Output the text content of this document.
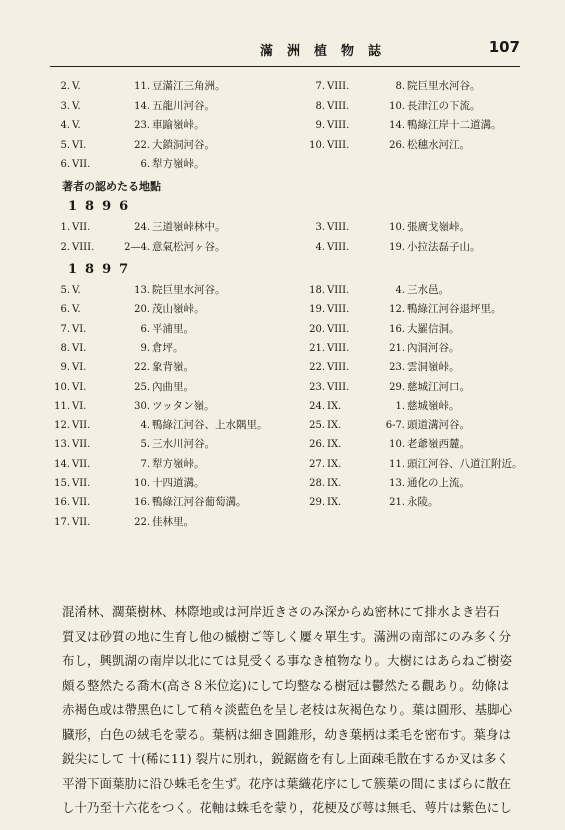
滿洲植物誌	107
2. V.	11. 豆滿江三角洲。
3. V.	14. 五龍川河谷。
4. V.	23. 車踰嶺峠。
5. VI.	22. 大鎖洞河谷。
6. VII.	6. 犁方嶺峠。
7. VIII.	8. 院巨里水河谷。
8. VIII.	10. 長津江の下流。
9. VIII.	14. 鴨綠江岸十二道溝。
10. VIII.	26. 松穗水河江。
著者の認めたる地點
1896
1. VII.	24. 三道嶺峠林中。
2. VIII.	2—4. 意氣松河ヶ谷。
3. VIII.	10. 張廣戈嶺峠。
4. VIII.	19. 小拉法磊子山。
1897
5. V.	13. 院巨里水河谷。
6. V.	20. 茂山嶺峠。
7. VI.	6. 平浦里。
8. VI.	9. 倉坪。
9. VI.	22. 象背嶺。
10. VI.	25. 內曲里。
11. VI.	30. ツッタン嶺。
12. VII.	4. 鴨綠江河谷、上水隅里。
13. VII.	5. 三水川河谷。
14. VII.	7. 犁方嶺峠。
15. VII.	10. 十四道溝。
16. VII.	16. 鴨綠江河谷葡萄溝。
17. VII.	22. 佳林里。
18. VIII.	4. 三水邑。
19. VIII.	12. 鴨綠江河谷退坪里。
20. VIII.	16. 大羅信洞。
21. VIII.	21. 內洞河谷。
22. VIII.	23. 雲洞嶺峠。
23. VIII.	29. 慈城江河口。
24. IX.	1. 慈城嶺峠。
25. IX.	6-7. 頭道溝河谷。
26. IX.	10. 老爺嶺西麓。
27. IX.	11. 頭江河谷、八道江附近。
28. IX.	13. 通化の上流。
29. IX.	21. 永陵。
混淆林、濶葉樹林、林際地或は河岸近きさのみ深からぬ密林にて排水よき岩石
質叉は砂質の地に生育し他の槭樹ご等しく屢々單生す。滿洲の南部にのみ多く分
布し，興凱湖の南岸以北にては見受くる事なき植物なり。大樹にはあらねご樹姿
頗る整然たる喬木(高さ８米位迄)にして均整なる樹冠は鬱然たる觀あり。幼條は
赤褐色或は帶黑色にして稍々淡藍色を呈し老枝は灰褐色なり。葉は圓形、基脚心
臓形，白色の絨毛を蒙る。葉柄は細き圓錐形，幼き葉柄は柔毛を密布す。葉身は
鋭尖にして 十(稀に11) 裂片に別れ，鋭鋸齒を有し上面疎毛散在するか叉は多く
平滑下面葉肋に沿ひ蛛毛を生ず。花序は葉織花序にして簇葉の間にまばらに散在
し十乃至十六花をつく。花軸は蛛毛を蒙り，花梗及び萼は無毛、萼片は紫色にし
